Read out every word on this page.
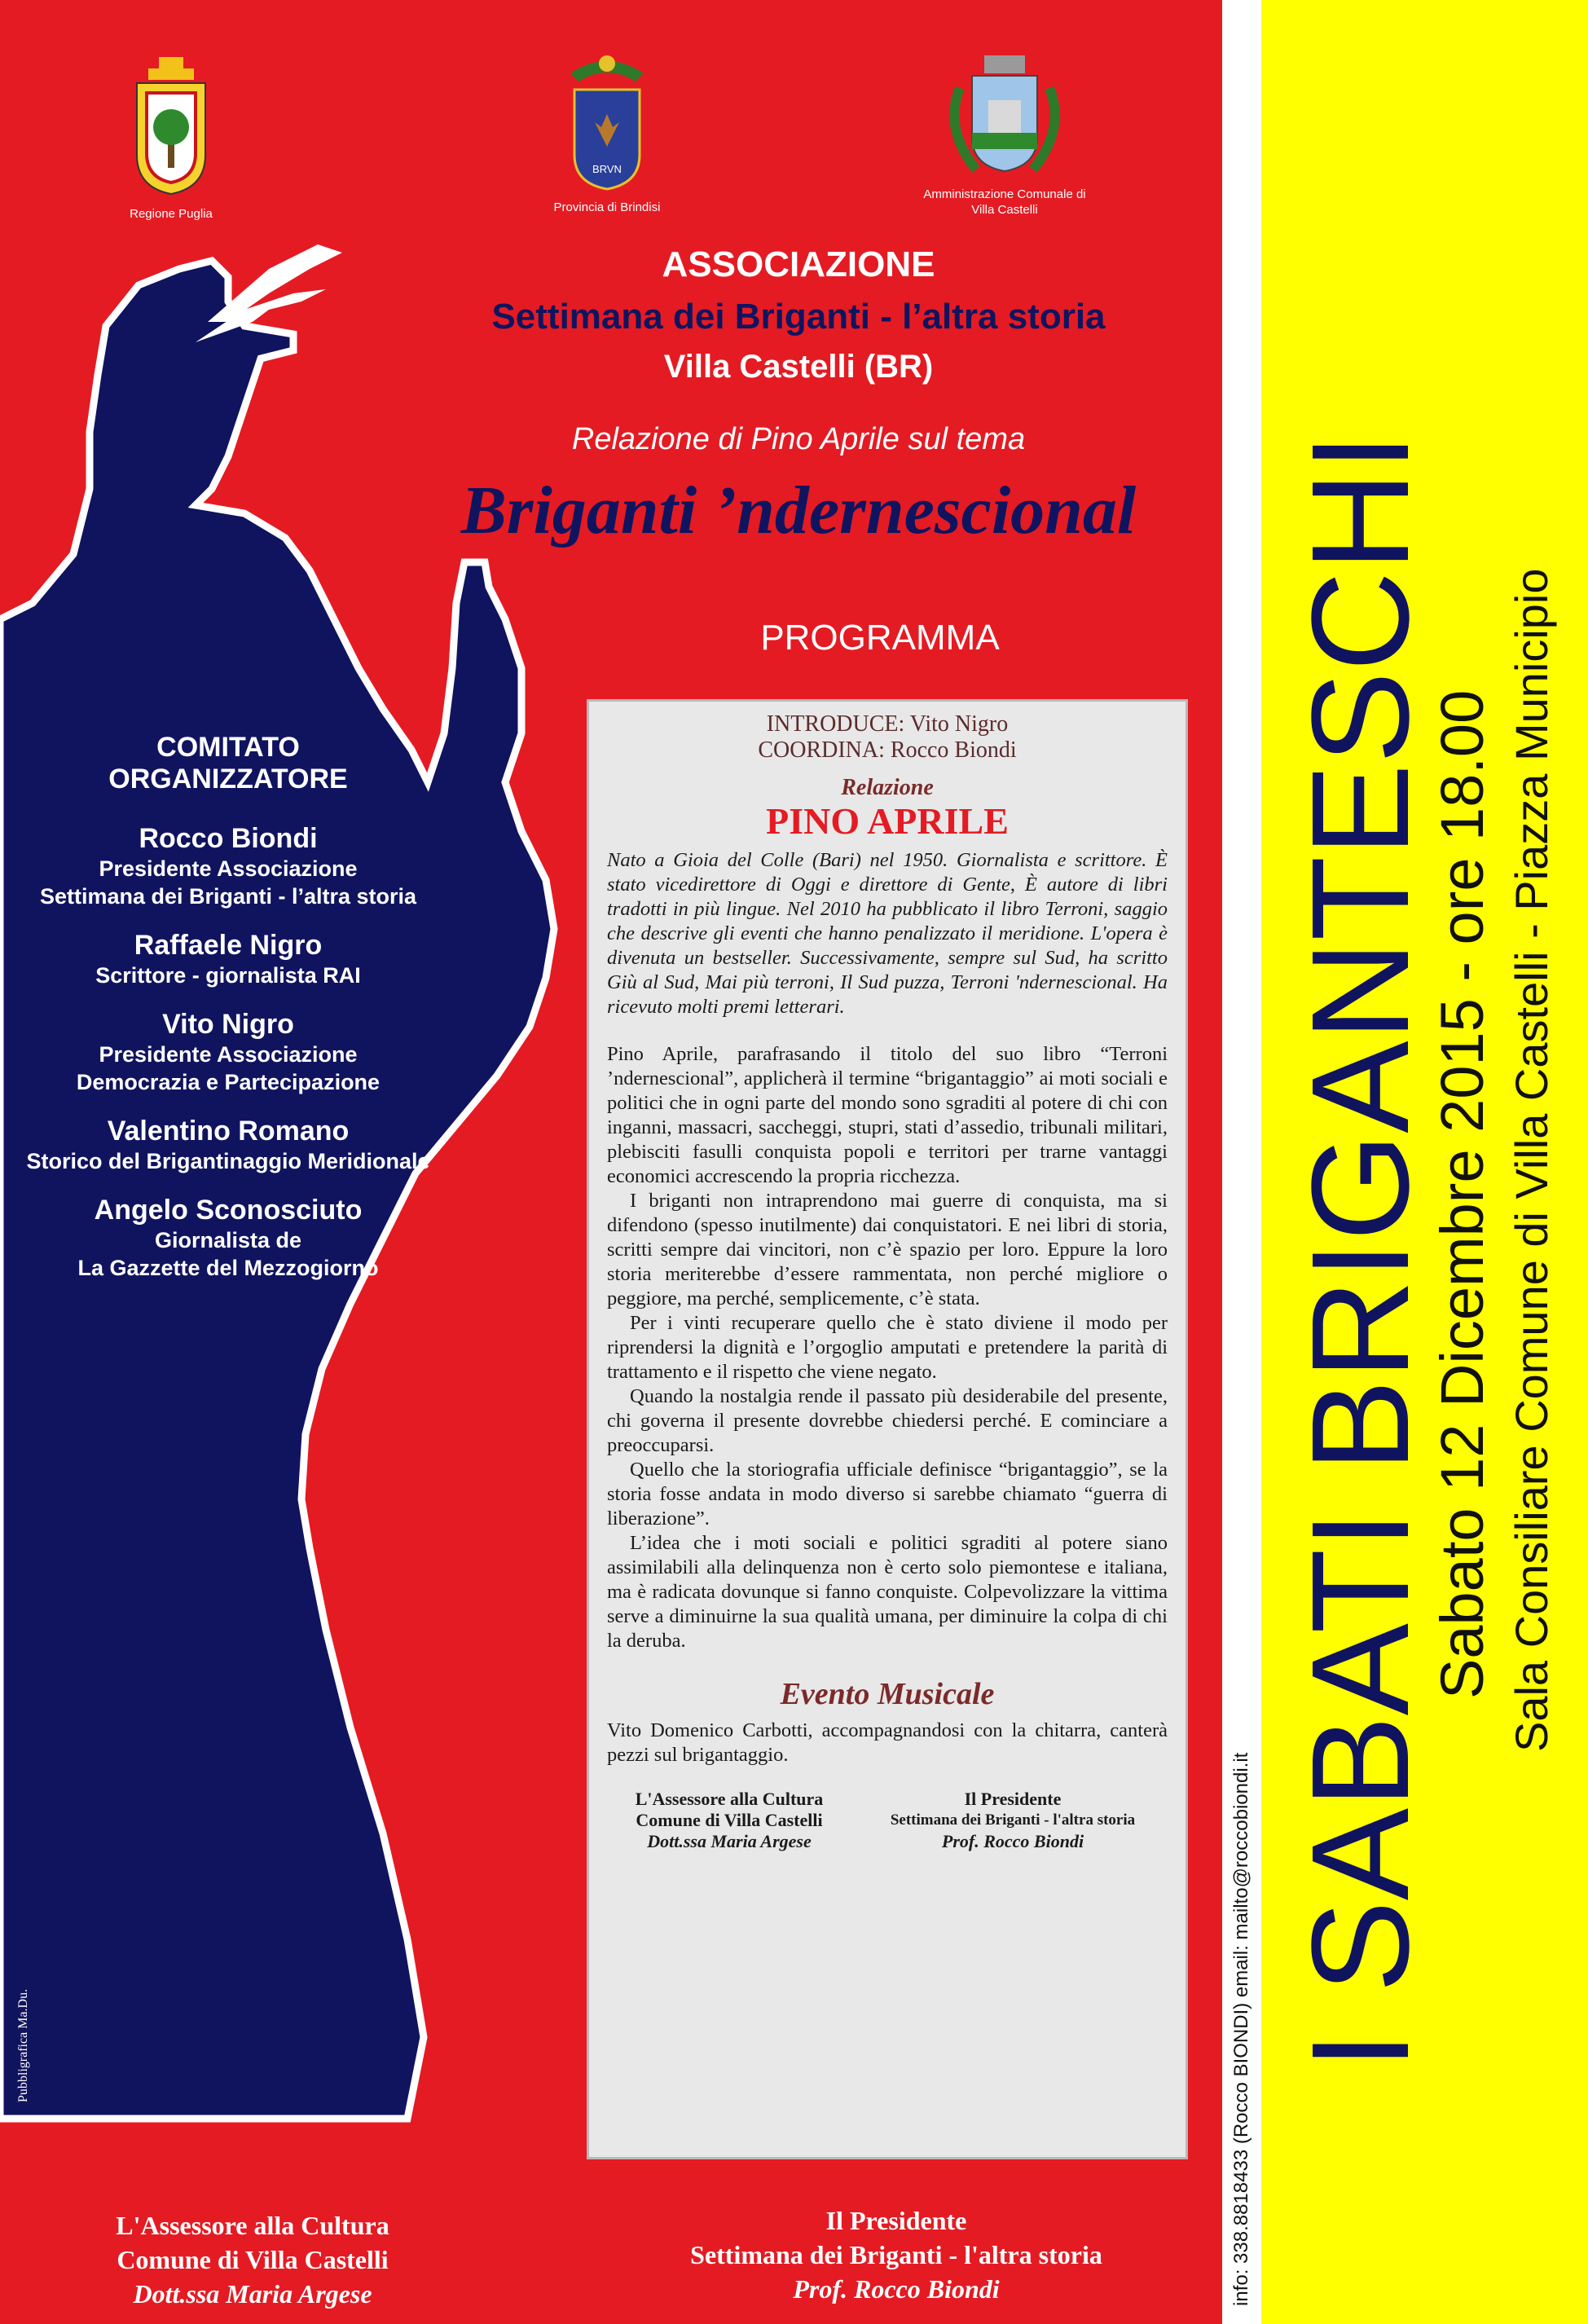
Regione Puglia
BRVN
Provincia di Brindisi
Amministrazione Comunale di
Villa Castelli
ASSOCIAZIONE
Settimana dei Briganti - l’altra storia
Villa Castelli (BR)
Relazione di Pino Aprile sul tema
Briganti ’ndernescional
PROGRAMMA
COMITATO
ORGANIZZATORE
Rocco Biondi
Presidente Associazione
Settimana dei Briganti - l’altra storia
Raffaele Nigro
Scrittore - giornalista RAI
Vito Nigro
Presidente Associazione
Democrazia e Partecipazione
Valentino Romano
Storico del Brigantinaggio Meridionale
Angelo Sconosciuto
Giornalista de
La Gazzette del Mezzogiorno
INTRODUCE: Vito Nigro
COORDINA: Rocco Biondi
Relazione
PINO APRILE

Nato a Gioia del Colle (Bari) nel 1950. Giornalista e scrittore. È stato vicedirettore di Oggi e direttore di Gente, È autore di libri tradotti in più lingue. Nel 2010 ha pubblicato il libro Terroni, saggio che descrive gli eventi che hanno penalizzato il meridione. L'opera è divenuta un bestseller. Successivamente, sempre sul Sud, ha scritto Giù al Sud, Mai più terroni, Il Sud puzza, Terroni 'ndernescional. Ha ricevuto molti premi letterari.

Pino Aprile, parafrasando il titolo del suo libro “Terroni ’ndernescional”, applicherà il termine “brigantaggio” ai moti sociali e politici che in ogni parte del mondo sono sgraditi al potere di chi con inganni, massacri, saccheggi, stupri, stati d’assedio, tribunali militari, plebisciti fasulli conquista popoli e territori per trarne vantaggi economici accrescendo la propria ricchezza.

I briganti non intraprendono mai guerre di conquista, ma si difendono (spesso inutilmente) dai conquistatori. E nei libri di storia, scritti sempre dai vincitori, non c’è spazio per loro. Eppure la loro storia meriterebbe d’essere rammentata, non perché migliore o peggiore, ma perché, semplicemente, c’è stata.

Per i vinti recuperare quello che è stato diviene il modo per riprendersi la dignità e l’orgoglio amputati e pretendere la parità di trattamento e il rispetto che viene negato.

Quando la nostalgia rende il passato più desiderabile del presente, chi governa il presente dovrebbe chiedersi perché. E cominciare a preoccuparsi.

Quello che la storiografia ufficiale definisce “brigantaggio”, se la storia fosse andata in modo diverso si sarebbe chiamato “guerra di liberazione”.

L’idea che i moti sociali e politici sgraditi al potere siano assimilabili alla delinquenza non è certo solo piemontese e italiana, ma è radicata dovunque si fanno conquiste. Colpevolizzare la vittima serve a diminuirne la sua qualità umana, per diminuire la colpa di chi la deruba.

Evento Musicale

Vito Domenico Carbotti, accompagnandosi con la chitarra, canterà pezzi sul brigantaggio.

L'Assessore alla Cultura
Comune di Villa Castelli
Dott.ssa Maria Argese
Il Presidente
Settimana dei Briganti - l'altra storia
Prof. Rocco Biondi
L'Assessore alla Cultura
Comune di Villa Castelli
Dott.ssa Maria Argese
Il Presidente
Settimana dei Briganti - l'altra storia
Prof. Rocco Biondi
Pubbligrafica Ma.Du.	info: 338.8818433 (Rocco BIONDI) email: mailto@roccobiondi.it I SABATI BRIGANTESCHI
Sabato 12 Dicembre 2015 - ore 18.00 Sala Consiliare Comune di Villa Castelli - Piazza Municipio
